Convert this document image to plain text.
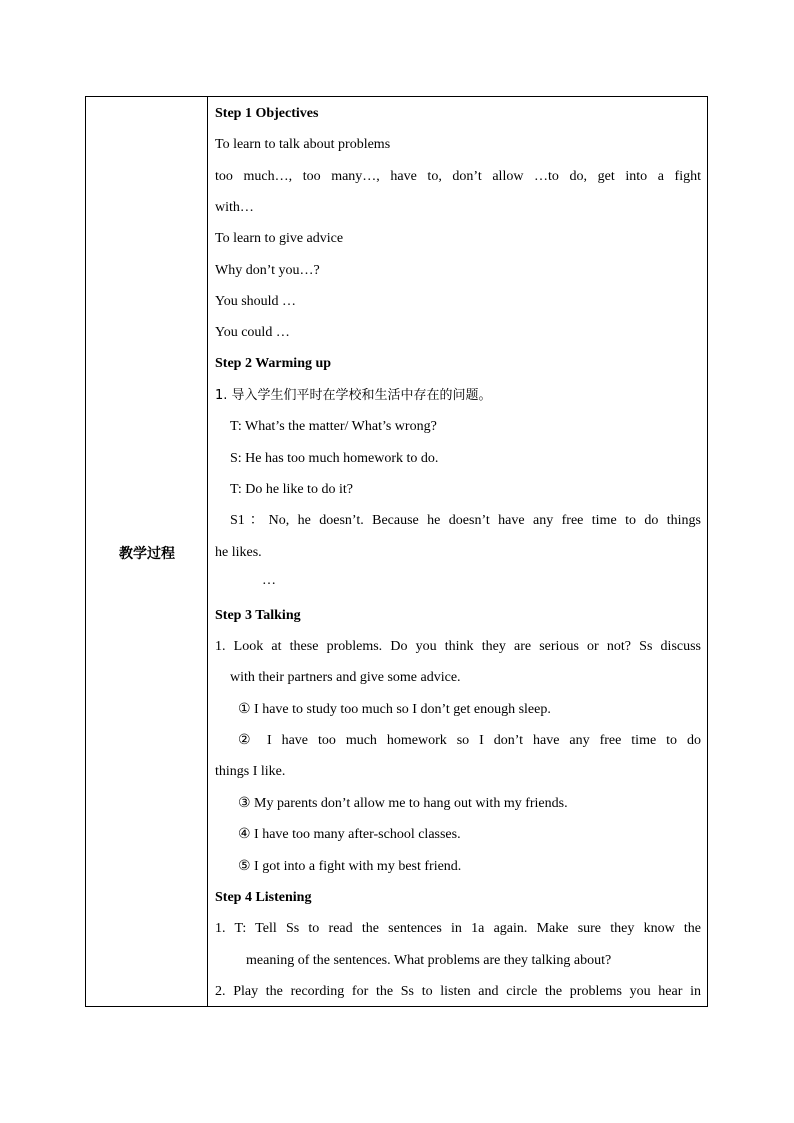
教学过程
Step 1 Objectives
To learn to talk about problems
too much…, too many…, have to, don’t allow …to do, get into a fight
with…
To learn to give advice
Why don’t you…?
You should …
You could …
Step 2 Warming up
1. 导入学生们平时在学校和生活中存在的问题。
T: What’s the matter/ What’s wrong?
S: He has too much homework to do.
T: Do he like to do it?
S1：No, he doesn’t. Because he doesn’t have any free time to do things
he likes.
…
Step 3 Talking
1. Look at these problems. Do you think they are serious or not? Ss discuss
with their partners and give some advice.
① I have to study too much so I don’t get enough sleep.
② I have too much homework so I don’t have any free time to do
things I like.
③ My parents don’t allow me to hang out with my friends.
④ I have too many after-school classes.
⑤ I got into a fight with my best friend.
Step 4 Listening
1. T: Tell Ss to read the sentences in 1a again. Make sure they know the
meaning of the sentences. What problems are they talking about?
2. Play the recording for the Ss to listen and circle the problems you hear in
